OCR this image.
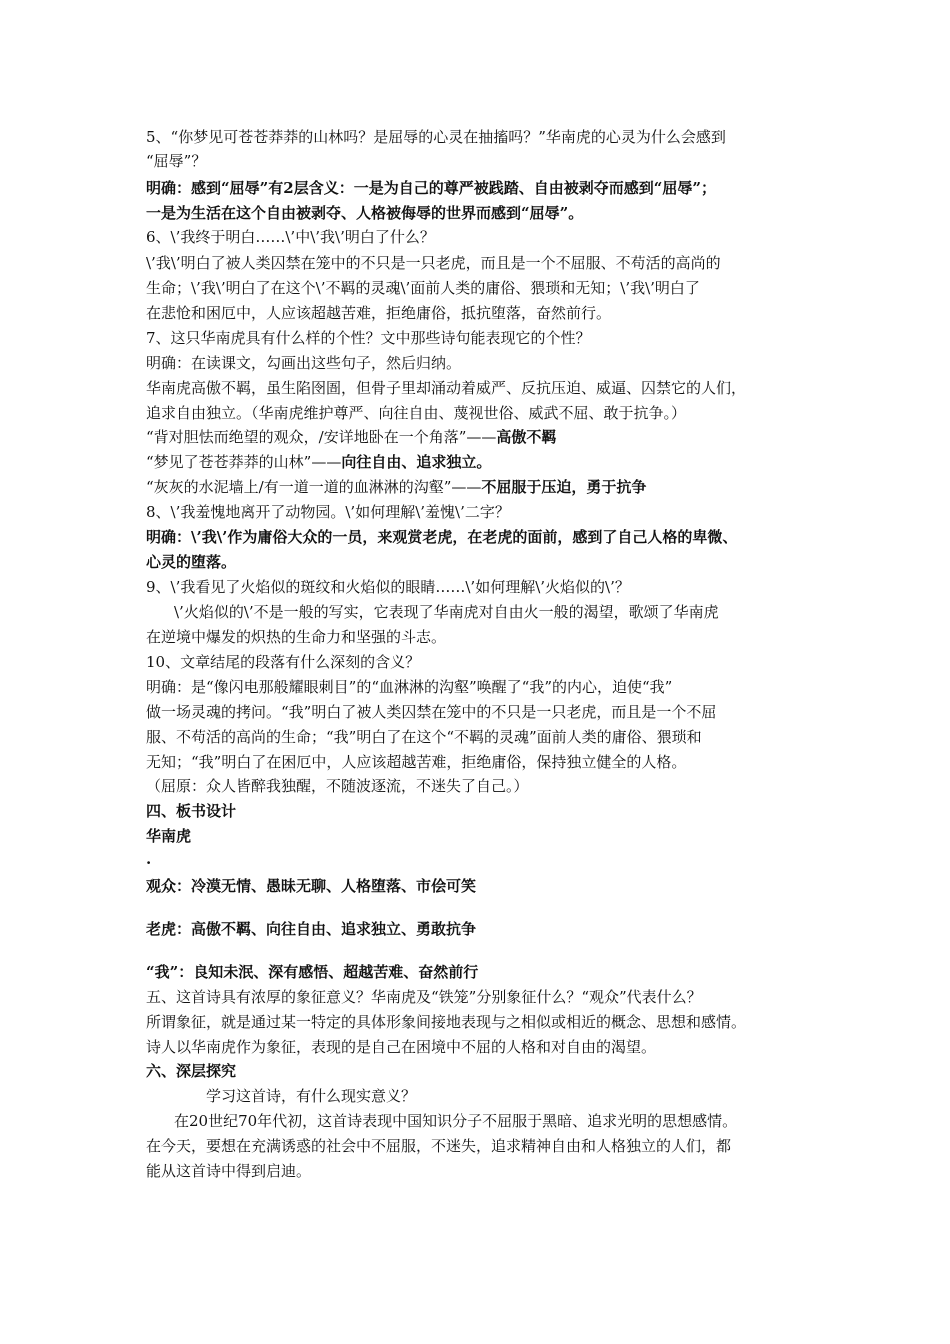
5、“你梦见可苍苍莽莽的山林吗？是屈辱的心灵在抽搐吗？”华南虎的心灵为什么会感到
“屈辱”？
明确：感到“屈辱”有2层含义：一是为自己的尊严被践踏、自由被剥夺而感到“屈辱”；
一是为生活在这个自由被剥夺、人格被侮辱的世界而感到“屈辱”。
6、\’我终于明白……\’中\’我\’明白了什么？
\’我\’明白了被人类囚禁在笼中的不只是一只老虎，而且是一个不屈服、不苟活的高尚的
生命；\’我\’明白了在这个\’不羁的灵魂\’面前人类的庸俗、猥琐和无知；\’我\’明白了
在悲怆和困厄中，人应该超越苦难，拒绝庸俗，抵抗堕落，奋然前行。
7、这只华南虎具有什么样的个性？文中那些诗句能表现它的个性？
明确：在读课文，勾画出这些句子，然后归纳。
华南虎高傲不羁，虽生陷囹圄，但骨子里却涌动着威严、反抗压迫、威逼、囚禁它的人们，
追求自由独立。（华南虎维护尊严、向往自由、蔑视世俗、威武不屈、敢于抗争。）
“背对胆怯而绝望的观众，/安详地卧在一个角落”——高傲不羁
“梦见了苍苍莽莽的山林”——向往自由、追求独立。
“灰灰的水泥墙上/有一道一道的血淋淋的沟壑”——不屈服于压迫，勇于抗争
8、\’我羞愧地离开了动物园。\’如何理解\’羞愧\’二字？
明确：\’我\’作为庸俗大众的一员，来观赏老虎，在老虎的面前，感到了自己人格的卑微、
心灵的堕落。
9、\’我看见了火焰似的斑纹和火焰似的眼睛……\’如何理解\’火焰似的\’？
\’火焰似的\’不是一般的写实，它表现了华南虎对自由火一般的渴望，歌颂了华南虎
在逆境中爆发的炽热的生命力和坚强的斗志。
10、文章结尾的段落有什么深刻的含义？
明确：是“像闪电那般耀眼刺目”的“血淋淋的沟壑”唤醒了“我”的内心，迫使“我”
做一场灵魂的拷问。“我”明白了被人类囚禁在笼中的不只是一只老虎，而且是一个不屈
服、不苟活的高尚的生命；“我”明白了在这个“不羁的灵魂”面前人类的庸俗、猥琐和
无知；“我”明白了在困厄中，人应该超越苦难，拒绝庸俗，保持独立健全的人格。
（屈原：众人皆醉我独醒，不随波逐流，不迷失了自己。）
四、板书设计
华南虎
.
观众：冷漠无情、愚昧无聊、人格堕落、市侩可笑
老虎：高傲不羁、向往自由、追求独立、勇敢抗争
“我”：良知未泯、深有感悟、超越苦难、奋然前行
五、这首诗具有浓厚的象征意义？华南虎及“铁笼”分别象征什么？“观众”代表什么？
所谓象征，就是通过某一特定的具体形象间接地表现与之相似或相近的概念、思想和感情。
诗人以华南虎作为象征，表现的是自己在困境中不屈的人格和对自由的渴望。
六、深层探究
学习这首诗，有什么现实意义？
在20世纪70年代初，这首诗表现中国知识分子不屈服于黑暗、追求光明的思想感情。
在今天，要想在充满诱惑的社会中不屈服，不迷失，追求精神自由和人格独立的人们，都
能从这首诗中得到启迪。
